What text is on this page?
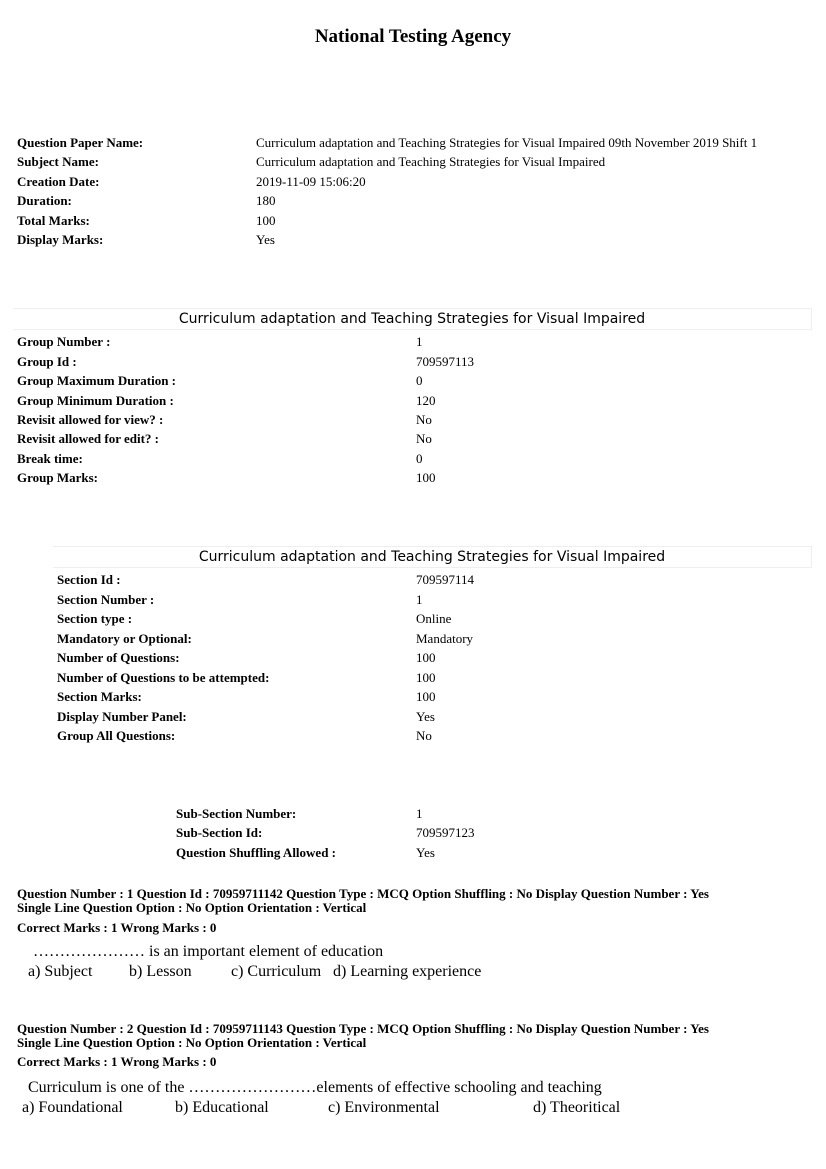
National Testing Agency
Question Paper Name:	Curriculum adaptation and Teaching Strategies for Visual Impaired 09th November 2019 Shift 1
Subject Name:	Curriculum adaptation and Teaching Strategies for Visual Impaired
Creation Date:	2019-11-09 15:06:20
Duration:	180
Total Marks:	100
Display Marks:	Yes
Curriculum adaptation and Teaching Strategies for Visual Impaired
Group Number :	1
Group Id :	709597113
Group Maximum Duration :	0
Group Minimum Duration :	120
Revisit allowed for view? :	No
Revisit allowed for edit? :	No
Break time:	0
Group Marks:	100
Curriculum adaptation and Teaching Strategies for Visual Impaired
Section Id :	709597114
Section Number :	1
Section type :	Online
Mandatory or Optional:	Mandatory
Number of Questions:	100
Number of Questions to be attempted:	100
Section Marks:	100
Display Number Panel:	Yes
Group All Questions:	No
Sub-Section Number:	1
Sub-Section Id:	709597123
Question Shuffling Allowed :	Yes
Question Number : 1 Question Id : 70959711142 Question Type : MCQ Option Shuffling : No Display Question Number : Yes
Single Line Question Option : No Option Orientation : Vertical
Correct Marks : 1 Wrong Marks : 0
………………… is an important element of education
a) Subject b) Lesson c) Curriculum d) Learning experience
Question Number : 2 Question Id : 70959711143 Question Type : MCQ Option Shuffling : No Display Question Number : Yes
Single Line Question Option : No Option Orientation : Vertical
Correct Marks : 1 Wrong Marks : 0
Curriculum is one of the ……………………elements of effective schooling and teaching
a) Foundational	b) Educational	c) Environmental	d) Theoritical
